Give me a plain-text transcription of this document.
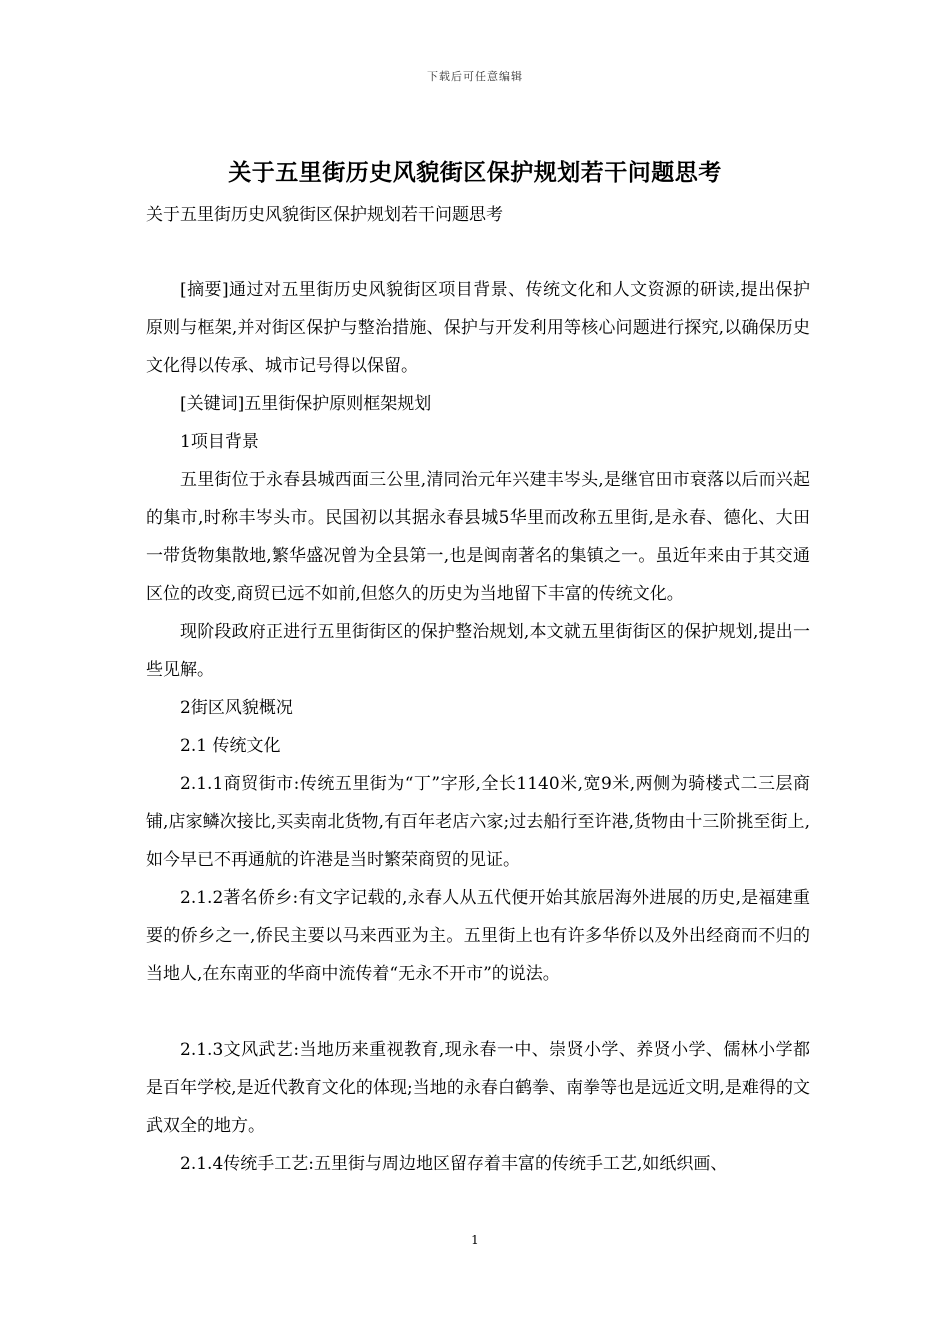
下载后可任意编辑
关于五里街历史风貌街区保护规划若干问题思考
关于五里街历史风貌街区保护规划若干问题思考

[摘要]通过对五里街历史风貌街区项目背景、传统文化和人文资源的研读,提出保护原则与框架,并对街区保护与整治措施、保护与开发利用等核心问题进行探究,以确保历史文化得以传承、城市记号得以保留。

[关键词]五里街保护原则框架规划

1项目背景

五里街位于永春县城西面三公里,清同治元年兴建丰岑头,是继官田市衰落以后而兴起的集市,时称丰岑头市。民国初以其据永春县城5华里而改称五里街,是永春、德化、大田一带货物集散地,繁华盛况曾为全县第一,也是闽南著名的集镇之一。虽近年来由于其交通区位的改变,商贸已远不如前,但悠久的历史为当地留下丰富的传统文化。

现阶段政府正进行五里街街区的保护整治规划,本文就五里街街区的保护规划,提出一些见解。

2街区风貌概况

2.1 传统文化

2.1.1商贸街市:传统五里街为“丁”字形,全长1140米,宽9米,两侧为骑楼式二三层商铺,店家鳞次接比,买卖南北货物,有百年老店六家;过去船行至许港,货物由十三阶挑至街上,如今早已不再通航的许港是当时繁荣商贸的见证。

2.1.2著名侨乡:有文字记载的,永春人从五代便开始其旅居海外进展的历史,是福建重要的侨乡之一,侨民主要以马来西亚为主。五里街上也有许多华侨以及外出经商而不归的当地人,在东南亚的华商中流传着“无永不开市”的说法。

2.1.3文风武艺:当地历来重视教育,现永春一中、崇贤小学、养贤小学、儒林小学都是百年学校,是近代教育文化的体现;当地的永春白鹤拳、南拳等也是远近文明,是难得的文武双全的地方。

2.1.4传统手工艺:五里街与周边地区留存着丰富的传统手工艺,如纸织画、

1
